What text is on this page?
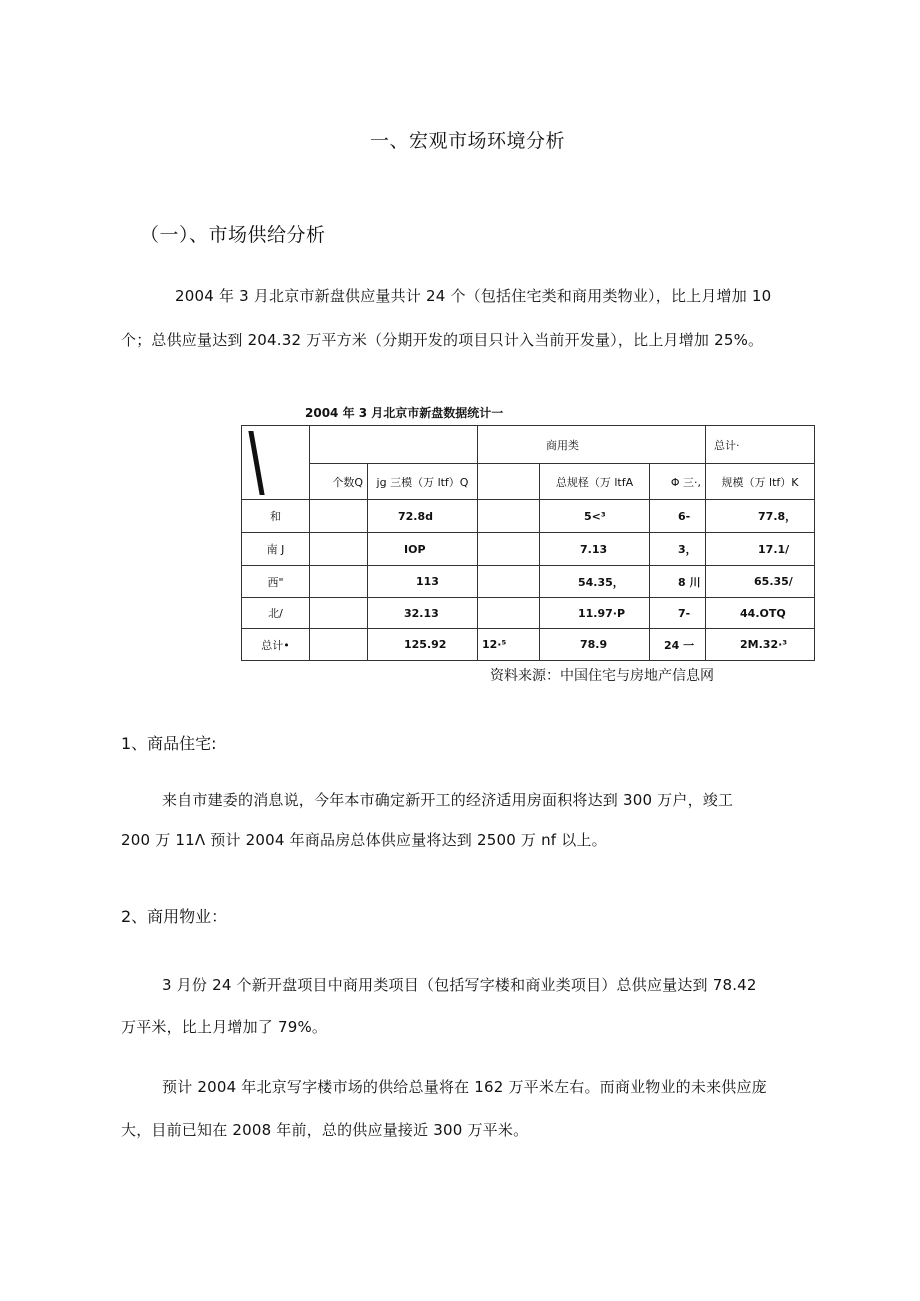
一、宏观市场环境分析
（一）、市场供给分析
2004 年 3 月北京市新盘供应量共计 24 个（包括住宅类和商用类物业），比上月增加 10
个；总供应量达到 204.32 万平方米（分期开发的项目只计入当前开发量），比上月增加 25%。
2004 年 3 月北京市新盘数据统计一
			商用类			总计·
	个数Q	jg 三模（万 ltf）Q		总规柽（万 ltfA	Φ 三·,	规模（万 ltf）K
和		72.8d		5<³	6-	77.8，
南 J		IOP		7.13	3，	17.1/
西"		113		54.35，	8 川	65.35/
北/		32.13		11.97·P	7-	44.OTQ
总计•		125.92	12·⁵	78.9	24 一	2M.32·³
资料来源：中国住宅与房地产信息网
1、商品住宅:
来自市建委的消息说，今年本市确定新开工的经济适用房面积将达到 300 万户，竣工
200 万 11Λ 预计 2004 年商品房总体供应量将达到 2500 万 nf 以上。
2、商用物业：
3 月份 24 个新开盘项目中商用类项目（包括写字楼和商业类项目）总供应量达到 78.42
万平米，比上月增加了 79%。
预计 2004 年北京写字楼市场的供给总量将在 162 万平米左右。而商业物业的未来供应庞
大，目前已知在 2008 年前，总的供应量接近 300 万平米。
